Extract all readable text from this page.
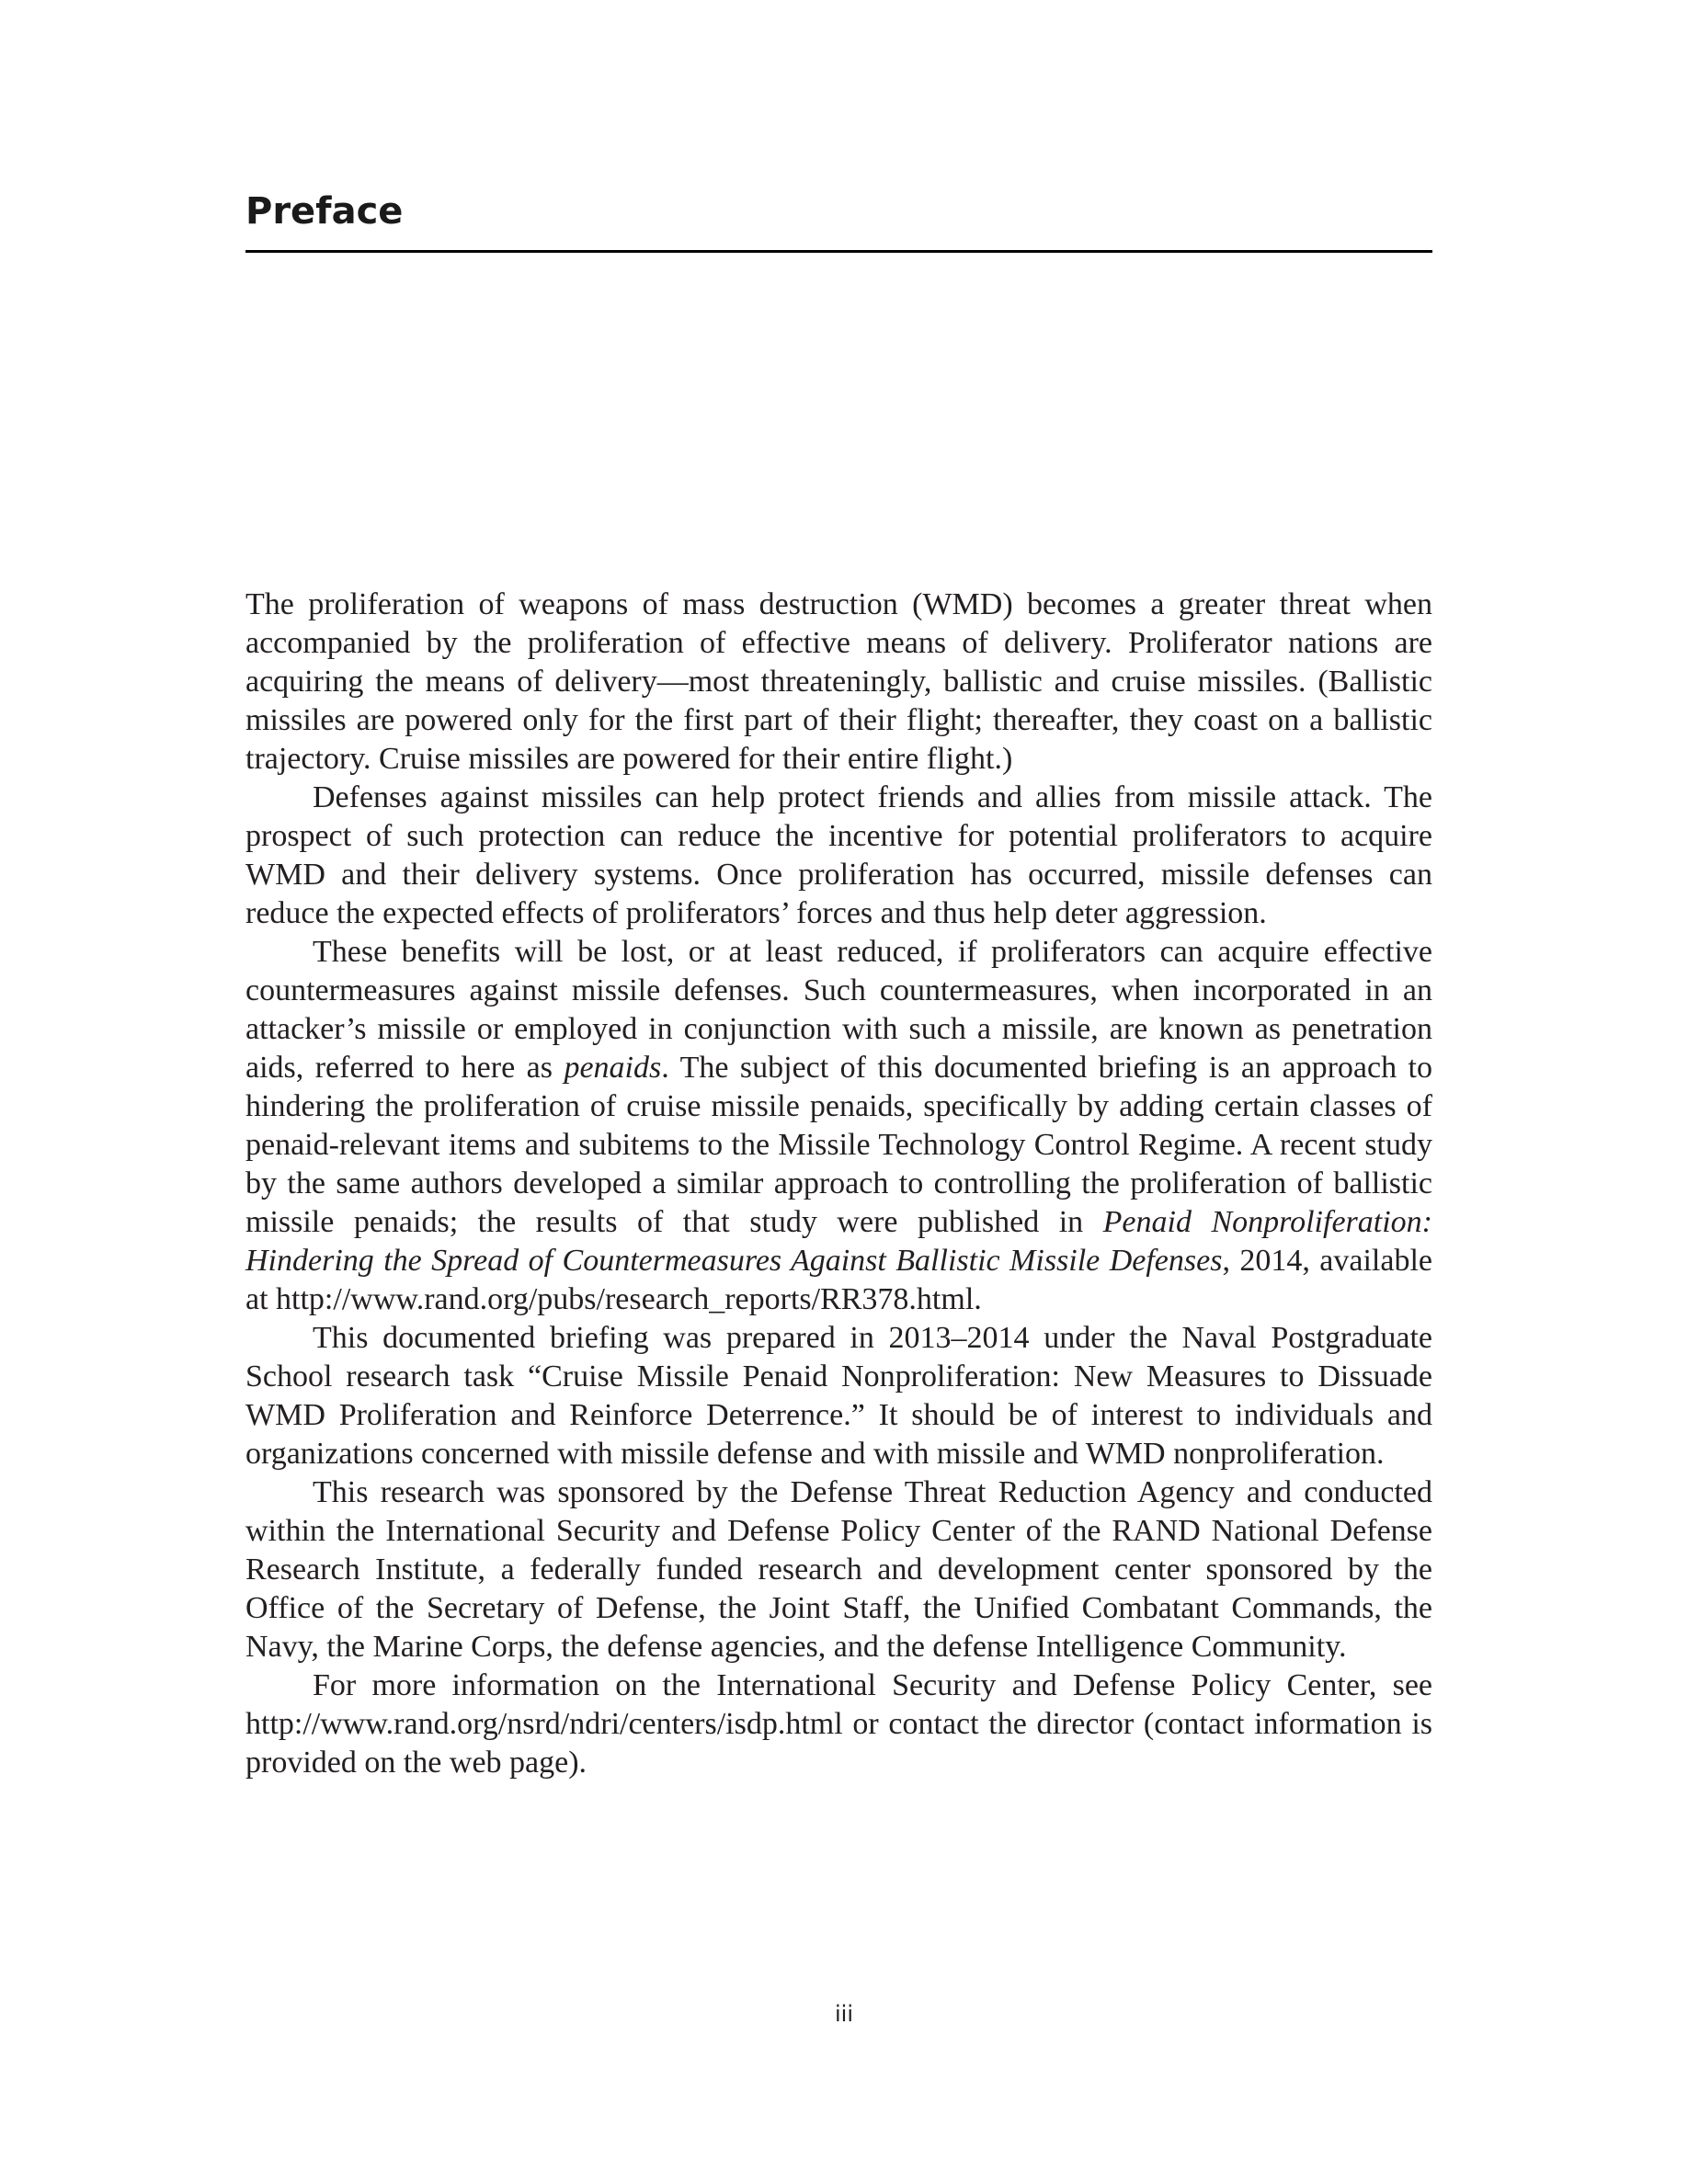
Preface

The proliferation of weapons of mass destruction (WMD) becomes a greater threat when accompanied by the proliferation of effective means of delivery. Proliferator nations are acquiring the means of delivery—most threateningly, ballistic and cruise missiles. (Ballistic missiles are powered only for the first part of their flight; thereafter, they coast on a ballistic trajectory. Cruise missiles are powered for their entire flight.)

Defenses against missiles can help protect friends and allies from missile attack. The prospect of such protection can reduce the incentive for potential proliferators to acquire WMD and their delivery systems. Once proliferation has occurred, missile defenses can reduce the expected effects of proliferators’ forces and thus help deter aggression.

These benefits will be lost, or at least reduced, if proliferators can acquire effective countermeasures against missile defenses. Such countermeasures, when incorporated in an attacker’s missile or employed in conjunction with such a missile, are known as penetration aids, referred to here as penaids. The subject of this documented briefing is an approach to hindering the proliferation of cruise missile penaids, specifically by adding certain classes of penaid-relevant items and subitems to the Missile Technology Control Regime. A recent study by the same authors developed a similar approach to controlling the proliferation of ballistic missile penaids; the results of that study were published in Penaid Nonproliferation: Hindering the Spread of Countermeasures Against Ballistic Missile Defenses, 2014, available at http://www.rand.org/pubs/research_reports/RR378.html.

This documented briefing was prepared in 2013–2014 under the Naval Postgraduate School research task “Cruise Missile Penaid Nonproliferation: New Measures to Dissuade WMD Proliferation and Reinforce Deterrence.” It should be of interest to individuals and organizations concerned with missile defense and with missile and WMD nonproliferation.

This research was sponsored by the Defense Threat Reduction Agency and conducted within the International Security and Defense Policy Center of the RAND National Defense Research Institute, a federally funded research and development center sponsored by the Office of the Secretary of Defense, the Joint Staff, the Unified Combatant Commands, the Navy, the Marine Corps, the defense agencies, and the defense Intelligence Community.

For more information on the International Security and Defense Policy Center, see http://www.rand.org/nsrd/ndri/centers/isdp.html or contact the director (contact information is provided on the web page).

iii
